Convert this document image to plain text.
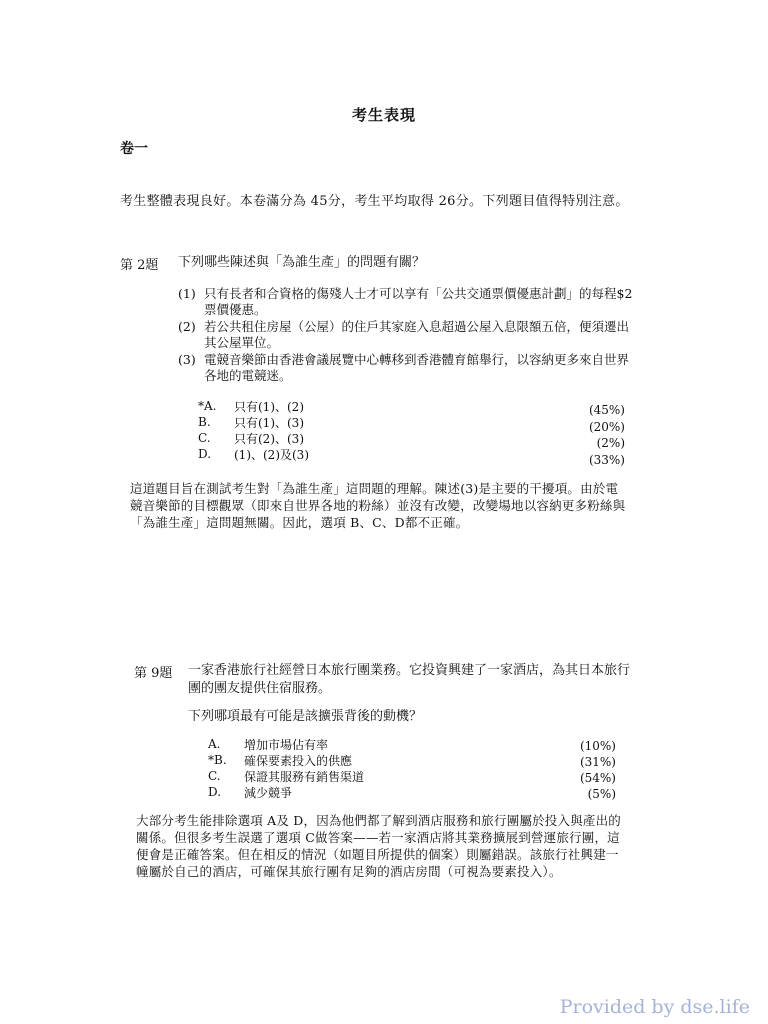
考生表現
卷一
考生整體表現良好。本卷滿分為 45分，考生平均取得 26分。下列題目值得特別注意。
第 2題 下列哪些陳述與「為誰生產」的問題有關？
(1) 只有長者和合資格的傷殘人士才可以享有「公共交通票價優惠計劃」的每程$2票價優惠。
(2) 若公共租住房屋（公屋）的住戶其家庭入息超過公屋入息限額五倍，便須遷出其公屋單位。
(3) 電競音樂節由香港會議展覽中心轉移到香港體育館舉行，以容納更多來自世界各地的電競迷。
*A.	只有(1)、(2)	(45%)
B.	只有(1)、(3)	(20%)
C.	只有(2)、(3)	(2%)
D.	(1)、(2)及(3)	(33%)
這道題目旨在測試考生對「為誰生產」這問題的理解。陳述(3)是主要的干擾項。由於電競音樂節的目標觀眾（即來自世界各地的粉絲）並沒有改變，改變場地以容納更多粉絲與「為誰生產」這問題無關。因此，選項 B、C、D都不正確。
第 9題 一家香港旅行社經營日本旅行團業務。它投資興建了一家酒店，為其日本旅行團的團友提供住宿服務。
下列哪項最有可能是該擴張背後的動機？
A.	增加市場佔有率	(10%)
*B.	確保要素投入的供應	(31%)
C.	保證其服務有銷售渠道	(54%)
D.	減少競爭	(5%)
大部分考生能排除選項 A及 D，因為他們都了解到酒店服務和旅行團屬於投入與產出的關係。但很多考生誤選了選項 C做答案——若一家酒店將其業務擴展到營運旅行團，這便會是正確答案。但在相反的情況（如題目所提供的個案）則屬錯誤。該旅行社興建一幢屬於自己的酒店，可確保其旅行團有足夠的酒店房間（可視為要素投入）。
Provided by dse.life
